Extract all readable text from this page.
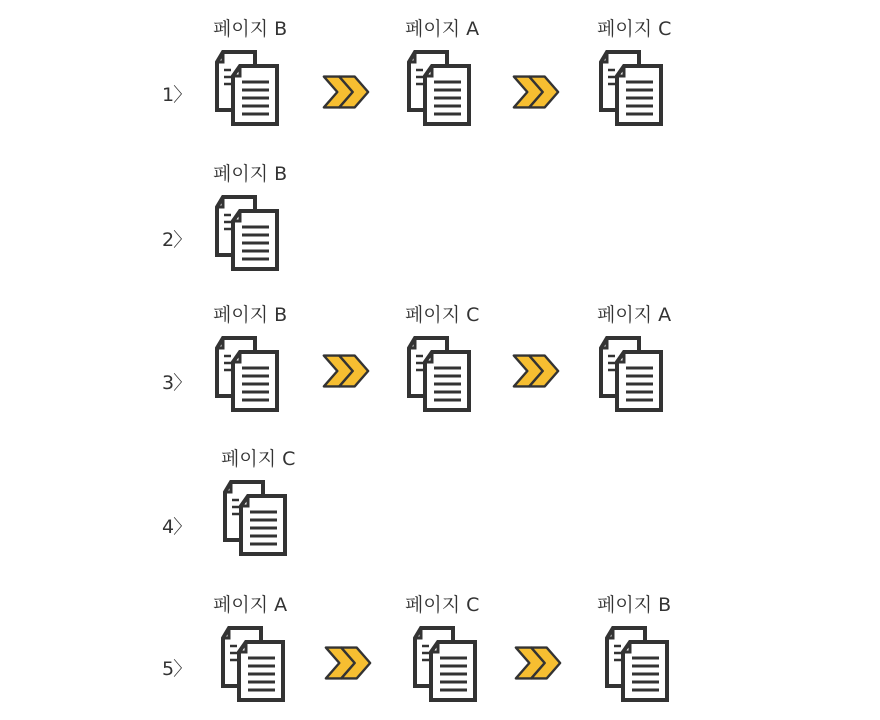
1〉
페이지 B	페이지 A	페이지 C
2〉
페이지 B
3〉
페이지 B	페이지 C	페이지 A
4〉
페이지 C
5〉
페이지 A	페이지 C	페이지 B
